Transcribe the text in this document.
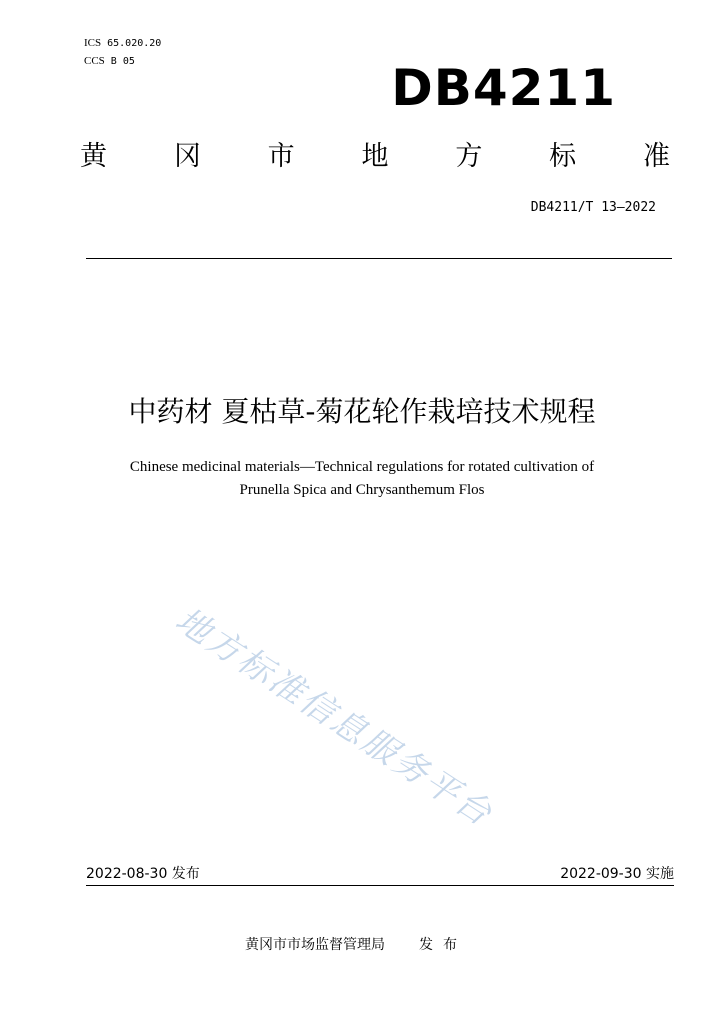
ICS 65.020.20
CCS B 05	DB4211
黄 冈 市 地 方 标 准
DB4211/T 13—2022
中药材 夏枯草-菊花轮作栽培技术规程
Chinese medicinal materials—Technical regulations for rotated cultivation of
Prunella Spica and Chrysanthemum Flos
地方标准信息服务平台
2022-08-30 发布	2022-09-30 实施
黄冈市市场监督管理局 发布
